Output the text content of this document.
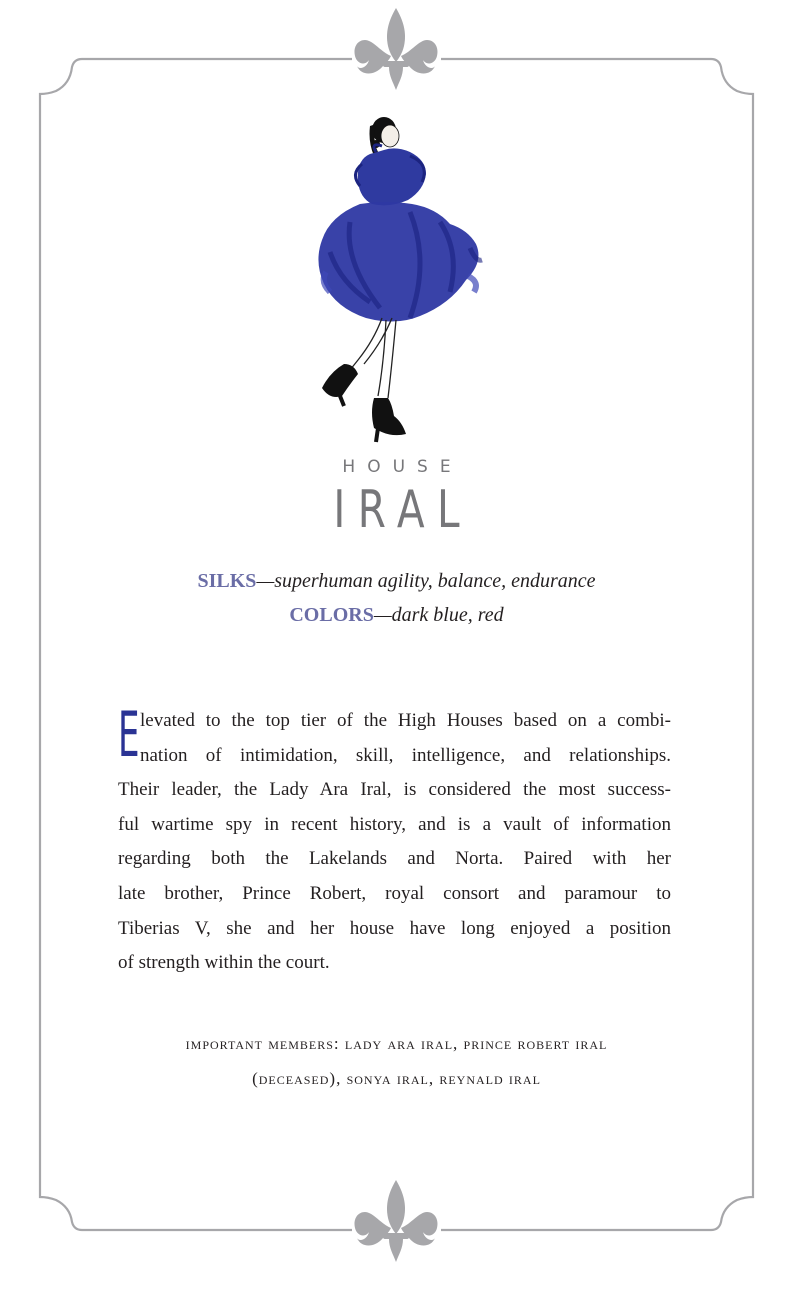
HOUSE
IRAL
SILKS—superhuman agility, balance, endurance
COLORS—dark blue, red
E levated to the top tier of the High Houses based on a combi-
nation of intimidation, skill, intelligence, and relationships.
Their leader, the Lady Ara Iral, is considered the most success-
ful wartime spy in recent history, and is a vault of information
regarding both the Lakelands and Norta. Paired with her
late brother, Prince Robert, royal consort and paramour to
Tiberias V, she and her house have long enjoyed a position
of strength within the court.
important members: lady ara iral, prince robert iral
(deceased), sonya iral, reynald iral
